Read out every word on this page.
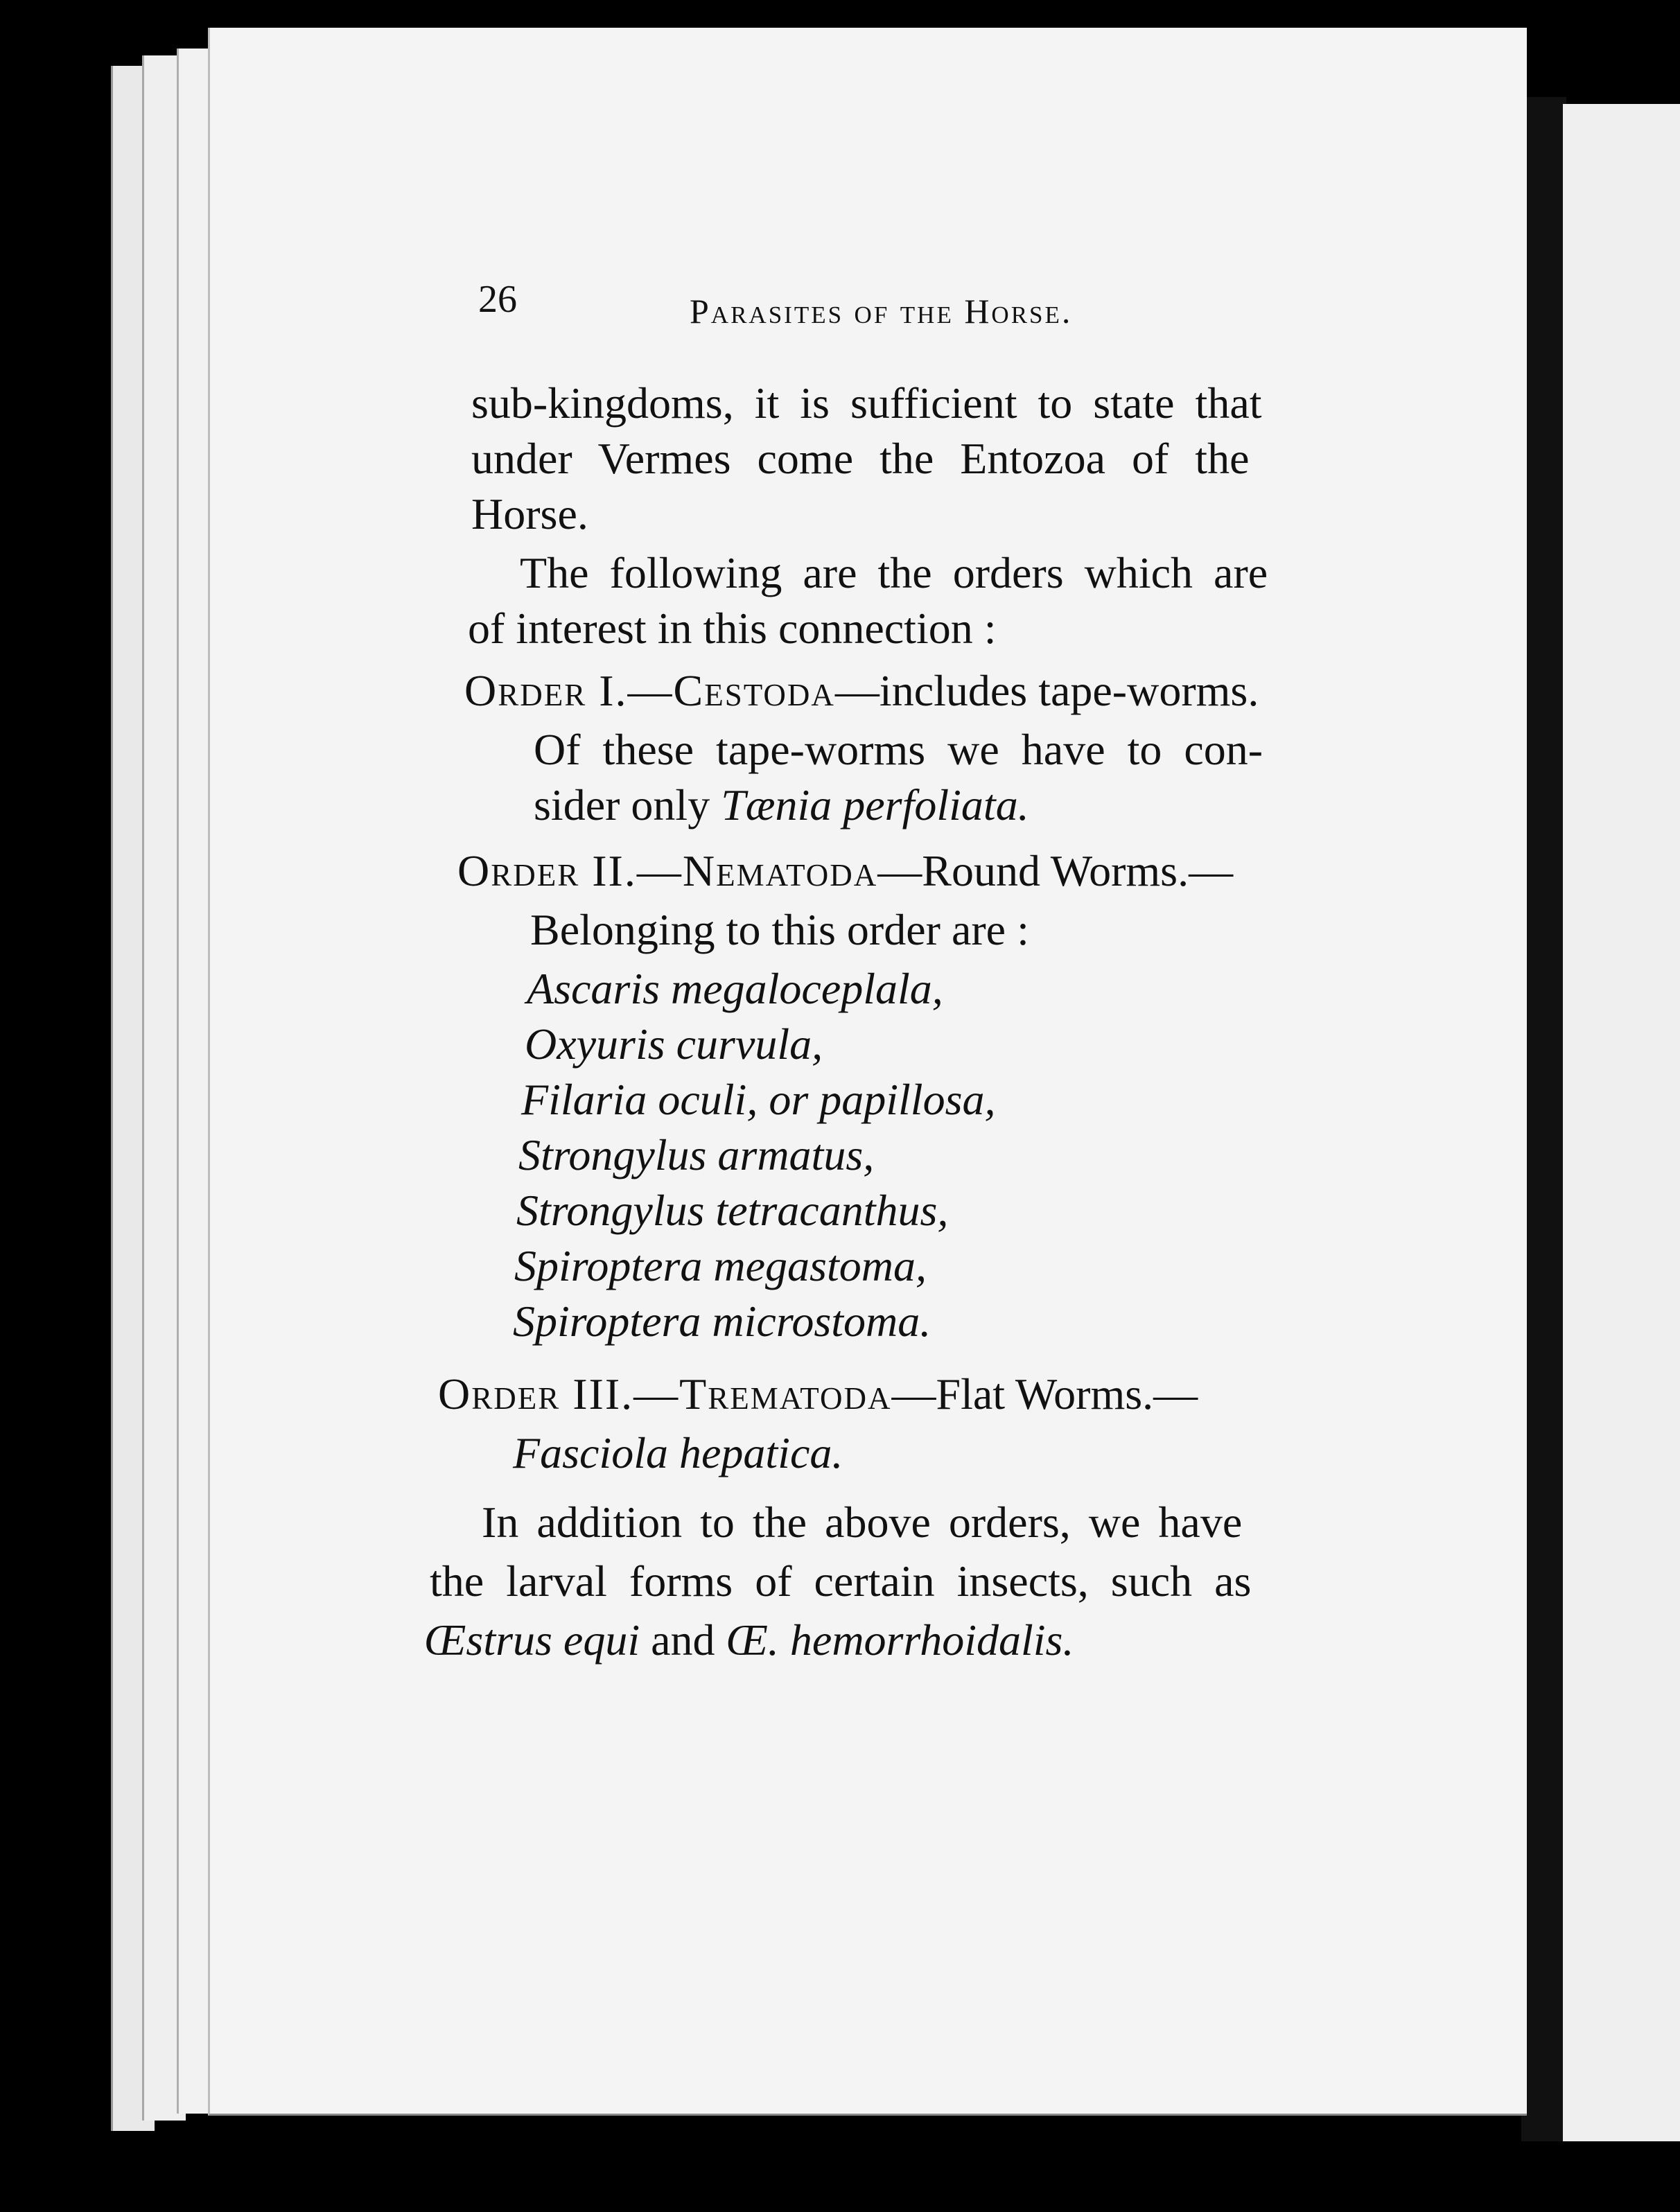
26	Parasites of the Horse.
sub-kingdoms, it is sufficient to state that
under Vermes come the Entozoa of the
Horse.
The following are the orders which are
of interest in this connection :
Order I.—Cestoda—includes tape-worms.
Of these tape-worms we have to con-
sider only Tænia perfoliata.
Order II.—Nematoda—Round Worms.—
Belonging to this order are :
Ascaris megaloceplala,
Oxyuris curvula,
Filaria oculi, or papillosa,
Strongylus armatus,
Strongylus tetracanthus,
Spiroptera megastoma,
Spiroptera microstoma.
Order III.—Trematoda—Flat Worms.—
Fasciola hepatica.
In addition to the above orders, we have
the larval forms of certain insects, such as
Œstrus equi and Œ. hemorrhoidalis.
